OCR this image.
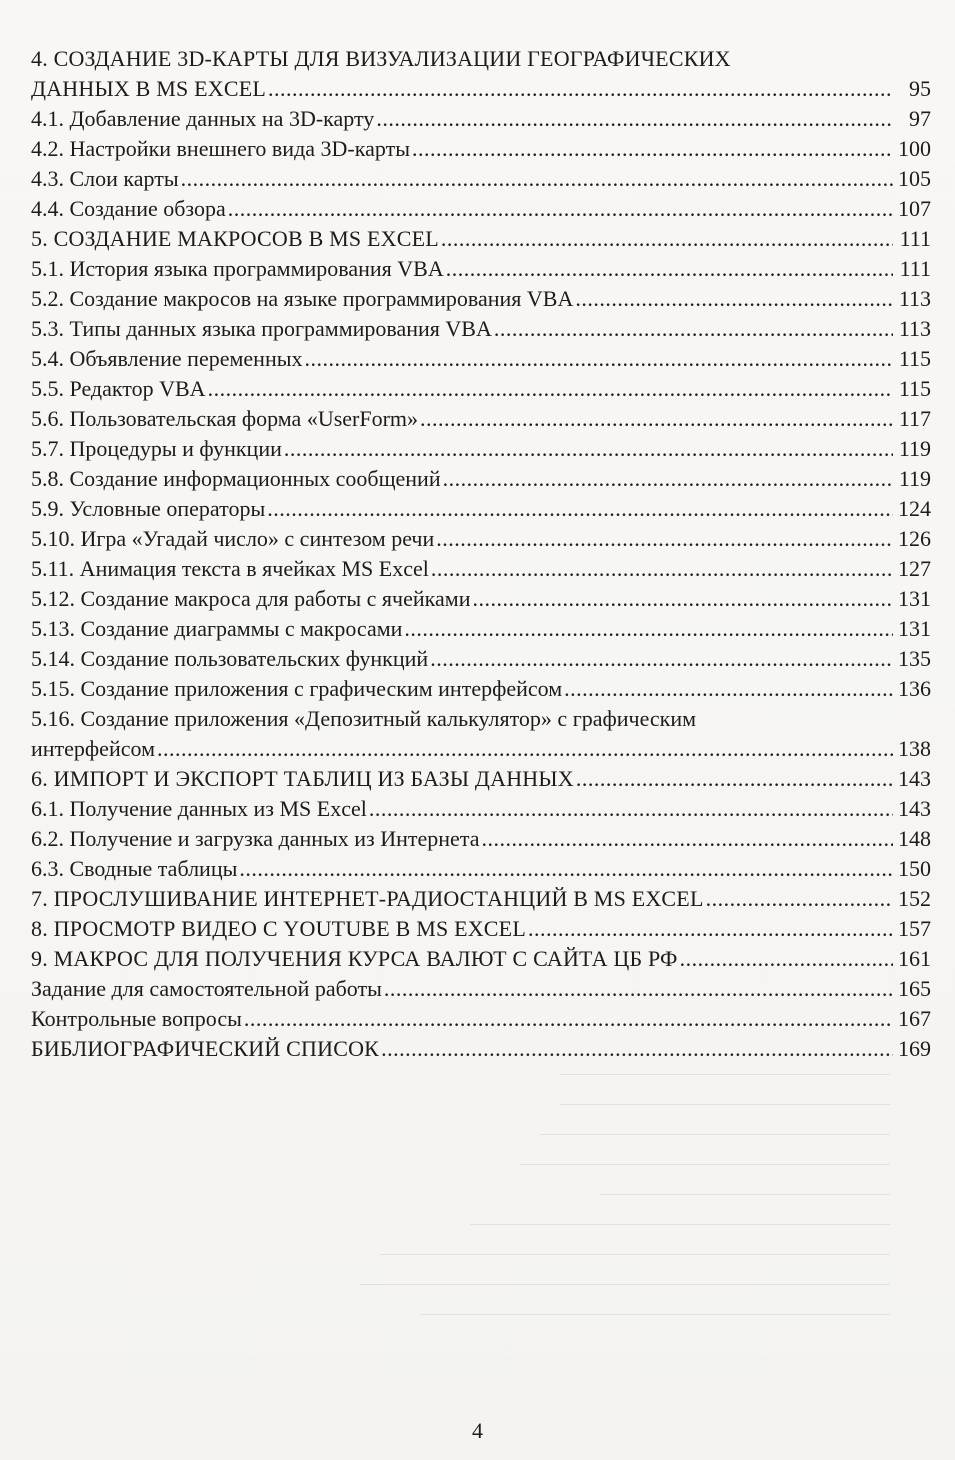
4. СОЗДАНИЕ 3D-КАРТЫ ДЛЯ ВИЗУАЛИЗАЦИИ ГЕОГРАФИЧЕСКИХ
ДАННЫХ В MS EXCEL .....	95
4.1. Добавление данных на 3D-карту .....	97
4.2. Настройки внешнего вида 3D-карты .....	100
4.3. Слои карты .....	105
4.4. Создание обзора .....	107
5. СОЗДАНИЕ МАКРОСОВ В MS EXCEL .....	111
5.1. История языка программирования VBA .....	111
5.2. Создание макросов на языке программирования VBA .....	113
5.3. Типы данных языка программирования VBA .....	113
5.4. Объявление переменных .....	115
5.5. Редактор VBA .....	115
5.6. Пользовательская форма «UserForm» .....	117
5.7. Процедуры и функции .....	119
5.8. Создание информационных сообщений .....	119
5.9. Условные операторы .....	124
5.10. Игра «Угадай число» с синтезом речи .....	126
5.11. Анимация текста в ячейках MS Excel .....	127
5.12. Создание макроса для работы с ячейками .....	131
5.13. Создание диаграммы с макросами .....	131
5.14. Создание пользовательских функций .....	135
5.15. Создание приложения с графическим интерфейсом .....	136
5.16. Создание приложения «Депозитный калькулятор» с графическим
интерфейсом .....	138
6. ИМПОРТ И ЭКСПОРТ ТАБЛИЦ ИЗ БАЗЫ ДАННЫХ .....	143
6.1. Получение данных из MS Excel .....	143
6.2. Получение и загрузка данных из Интернета .....	148
6.3. Сводные таблицы .....	150
7. ПРОСЛУШИВАНИЕ ИНТЕРНЕТ-РАДИОСТАНЦИЙ В MS EXCEL .....	152
8. ПРОСМОТР ВИДЕО С YOUTUBE В MS EXCEL .....	157
9. МАКРОС ДЛЯ ПОЛУЧЕНИЯ КУРСА ВАЛЮТ С САЙТА ЦБ РФ .....	161
Задание для самостоятельной работы .....	165
Контрольные вопросы .....	167
БИБЛИОГРАФИЧЕСКИЙ СПИСОК .....	169
4
